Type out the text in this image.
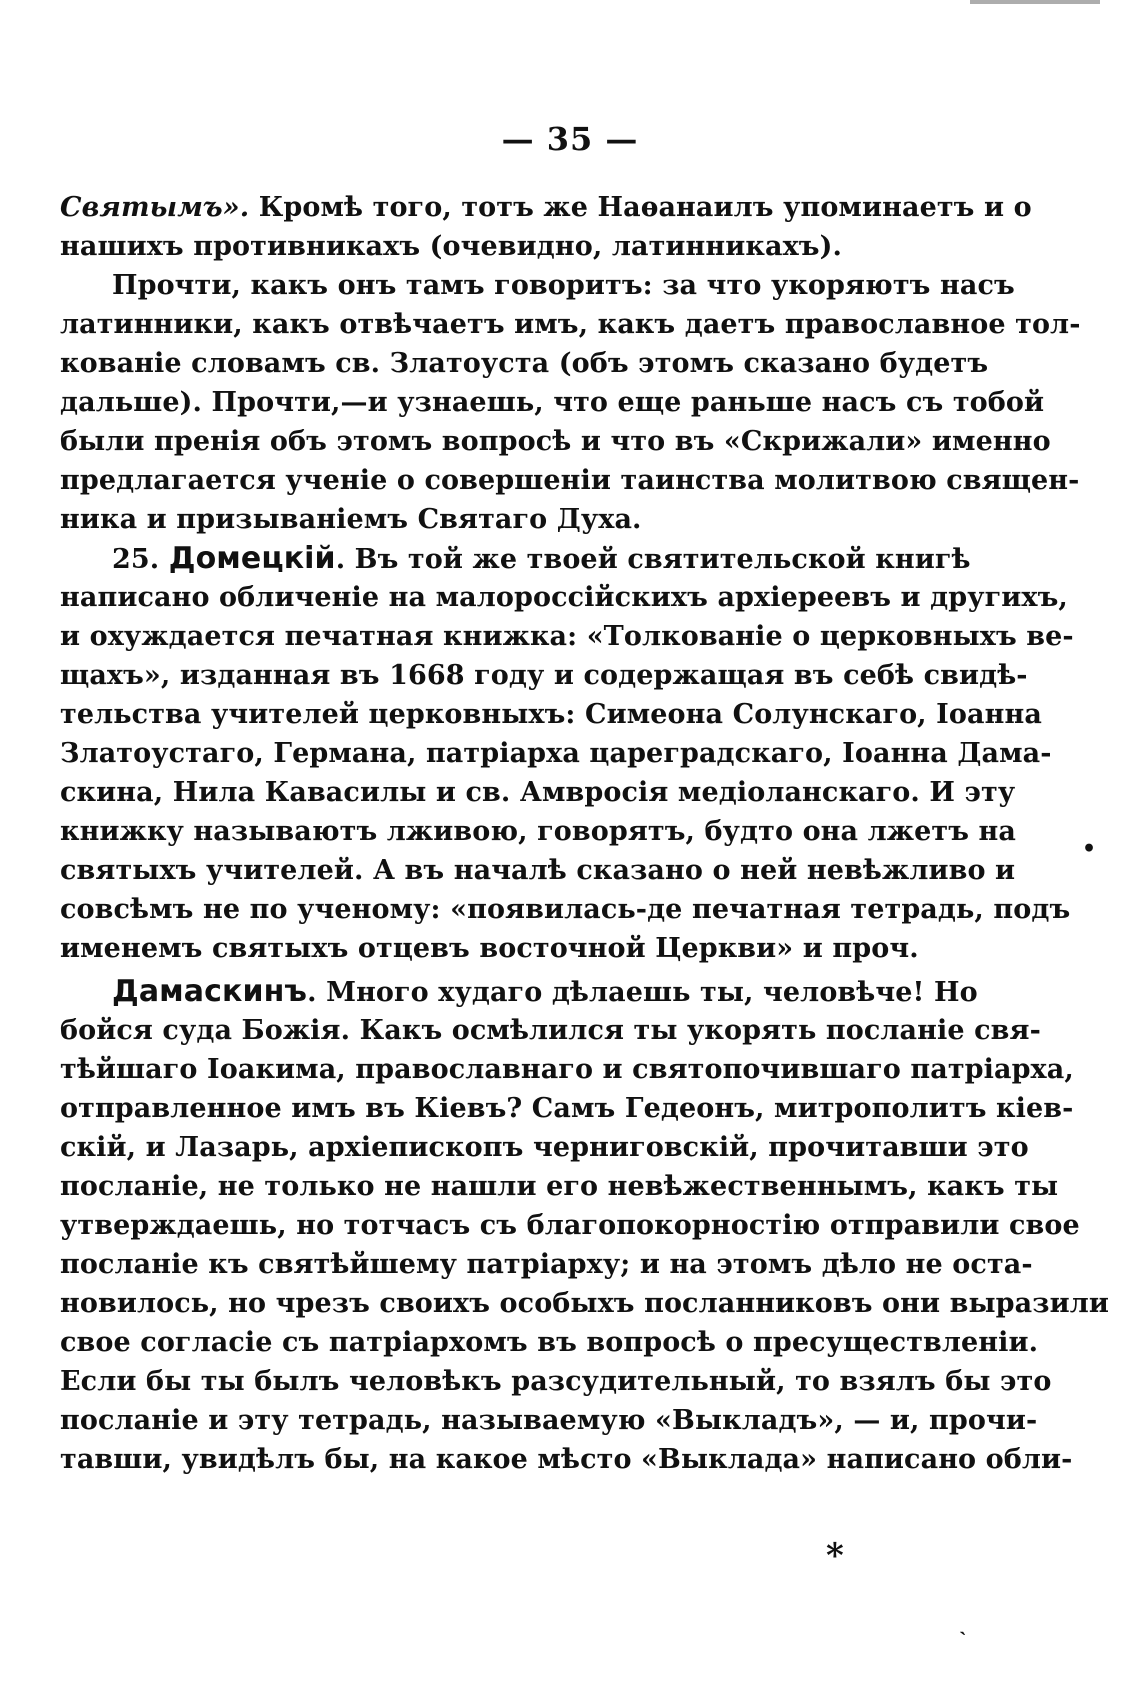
— 35 —
Святымъ». Кромѣ того, тотъ же Наѳанаилъ упоминаетъ и о
нашихъ противникахъ (очевидно, латинникахъ).
Прочти, какъ онъ тамъ говоритъ: за что укоряютъ насъ
латинники, какъ отвѣчаетъ имъ, какъ даетъ православное тол-
кованіе словамъ св. Златоуста (объ этомъ сказано будетъ
дальше). Прочти,—и узнаешь, что еще раньше насъ съ тобой
были пренія объ этомъ вопросѣ и что въ «Скрижали» именно
предлагается ученіе о совершеніи таинства молитвою священ-
ника и призываніемъ Святаго Духа.
25. Домецкій. Въ той же твоей святительской книгѣ
написано обличеніе на малороссійскихъ архіереевъ и другихъ,
и охуждается печатная книжка: «Толкованіе о церковныхъ ве-
щахъ», изданная въ 1668 году и содержащая въ себѣ свидѣ-
тельства учителей церковныхъ: Симеона Солунскаго, Іоанна
Златоустаго, Германа, патріарха цареградскаго, Іоанна Дама-
скина, Нила Кавасилы и св. Амвросія медіоланскаго. И эту
книжку называютъ лживою, говорятъ, будто она лжетъ на
святыхъ учителей. А въ началѣ сказано о ней невѣжливо и
совсѣмъ не по ученому: «появилась-де печатная тетрадь, подъ
именемъ святыхъ отцевъ восточной Церкви» и проч.
Дамаскинъ. Много худаго дѣлаешь ты, человѣче! Но
бойся суда Божія. Какъ осмѣлился ты укорять посланіе свя-
тѣйшаго Іоакима, православнаго и святопочившаго патріарха,
отправленное имъ въ Кіевъ? Самъ Гедеонъ, митрополитъ кіев-
скій, и Лазарь, архіепископъ черниговскій, прочитавши это
посланіе, не только не нашли его невѣжественнымъ, какъ ты
утверждаешь, но тотчасъ съ благопокорностію отправили свое
посланіе къ святѣйшему патріарху; и на этомъ дѣло не оста-
новилось, но чрезъ своихъ особыхъ посланниковъ они выразили
свое согласіе съ патріархомъ въ вопросѣ о пресуществленіи.
Если бы ты былъ человѣкъ разсудительный, то взялъ бы это
посланіе и эту тетрадь, называемую «Выкладъ», — и, прочи-
тавши, увидѣлъ бы, на какое мѣсто «Выклада» написано обли-
•
*
ˎ
